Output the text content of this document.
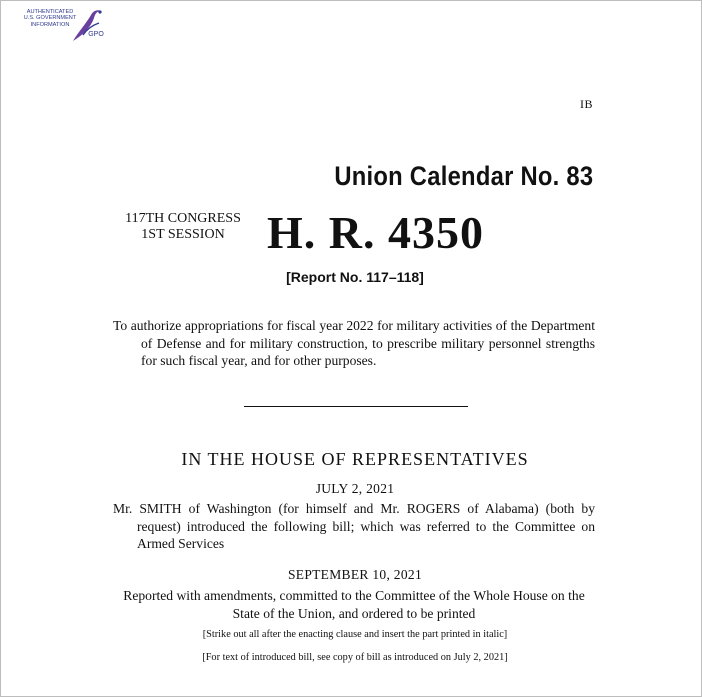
AUTHENTICATED
U.S. GOVERNMENT
INFORMATION
GPO
IB
Union Calendar No. 83
117TH CONGRESS
1ST SESSION H. R. 4350
[Report No. 117–118]
To authorize appropriations for fiscal year 2022 for military activities of the Department of Defense and for military construction, to prescribe military personnel strengths for such fiscal year, and for other purposes.
IN THE HOUSE OF REPRESENTATIVES
JULY 2, 2021
Mr. SMITH of Washington (for himself and Mr. ROGERS of Alabama) (both by request) introduced the following bill; which was referred to the Committee on Armed Services
SEPTEMBER 10, 2021
Reported with amendments, committed to the Committee of the Whole House on the State of the Union, and ordered to be printed
[Strike out all after the enacting clause and insert the part printed in italic]
[For text of introduced bill, see copy of bill as introduced on July 2, 2021]
